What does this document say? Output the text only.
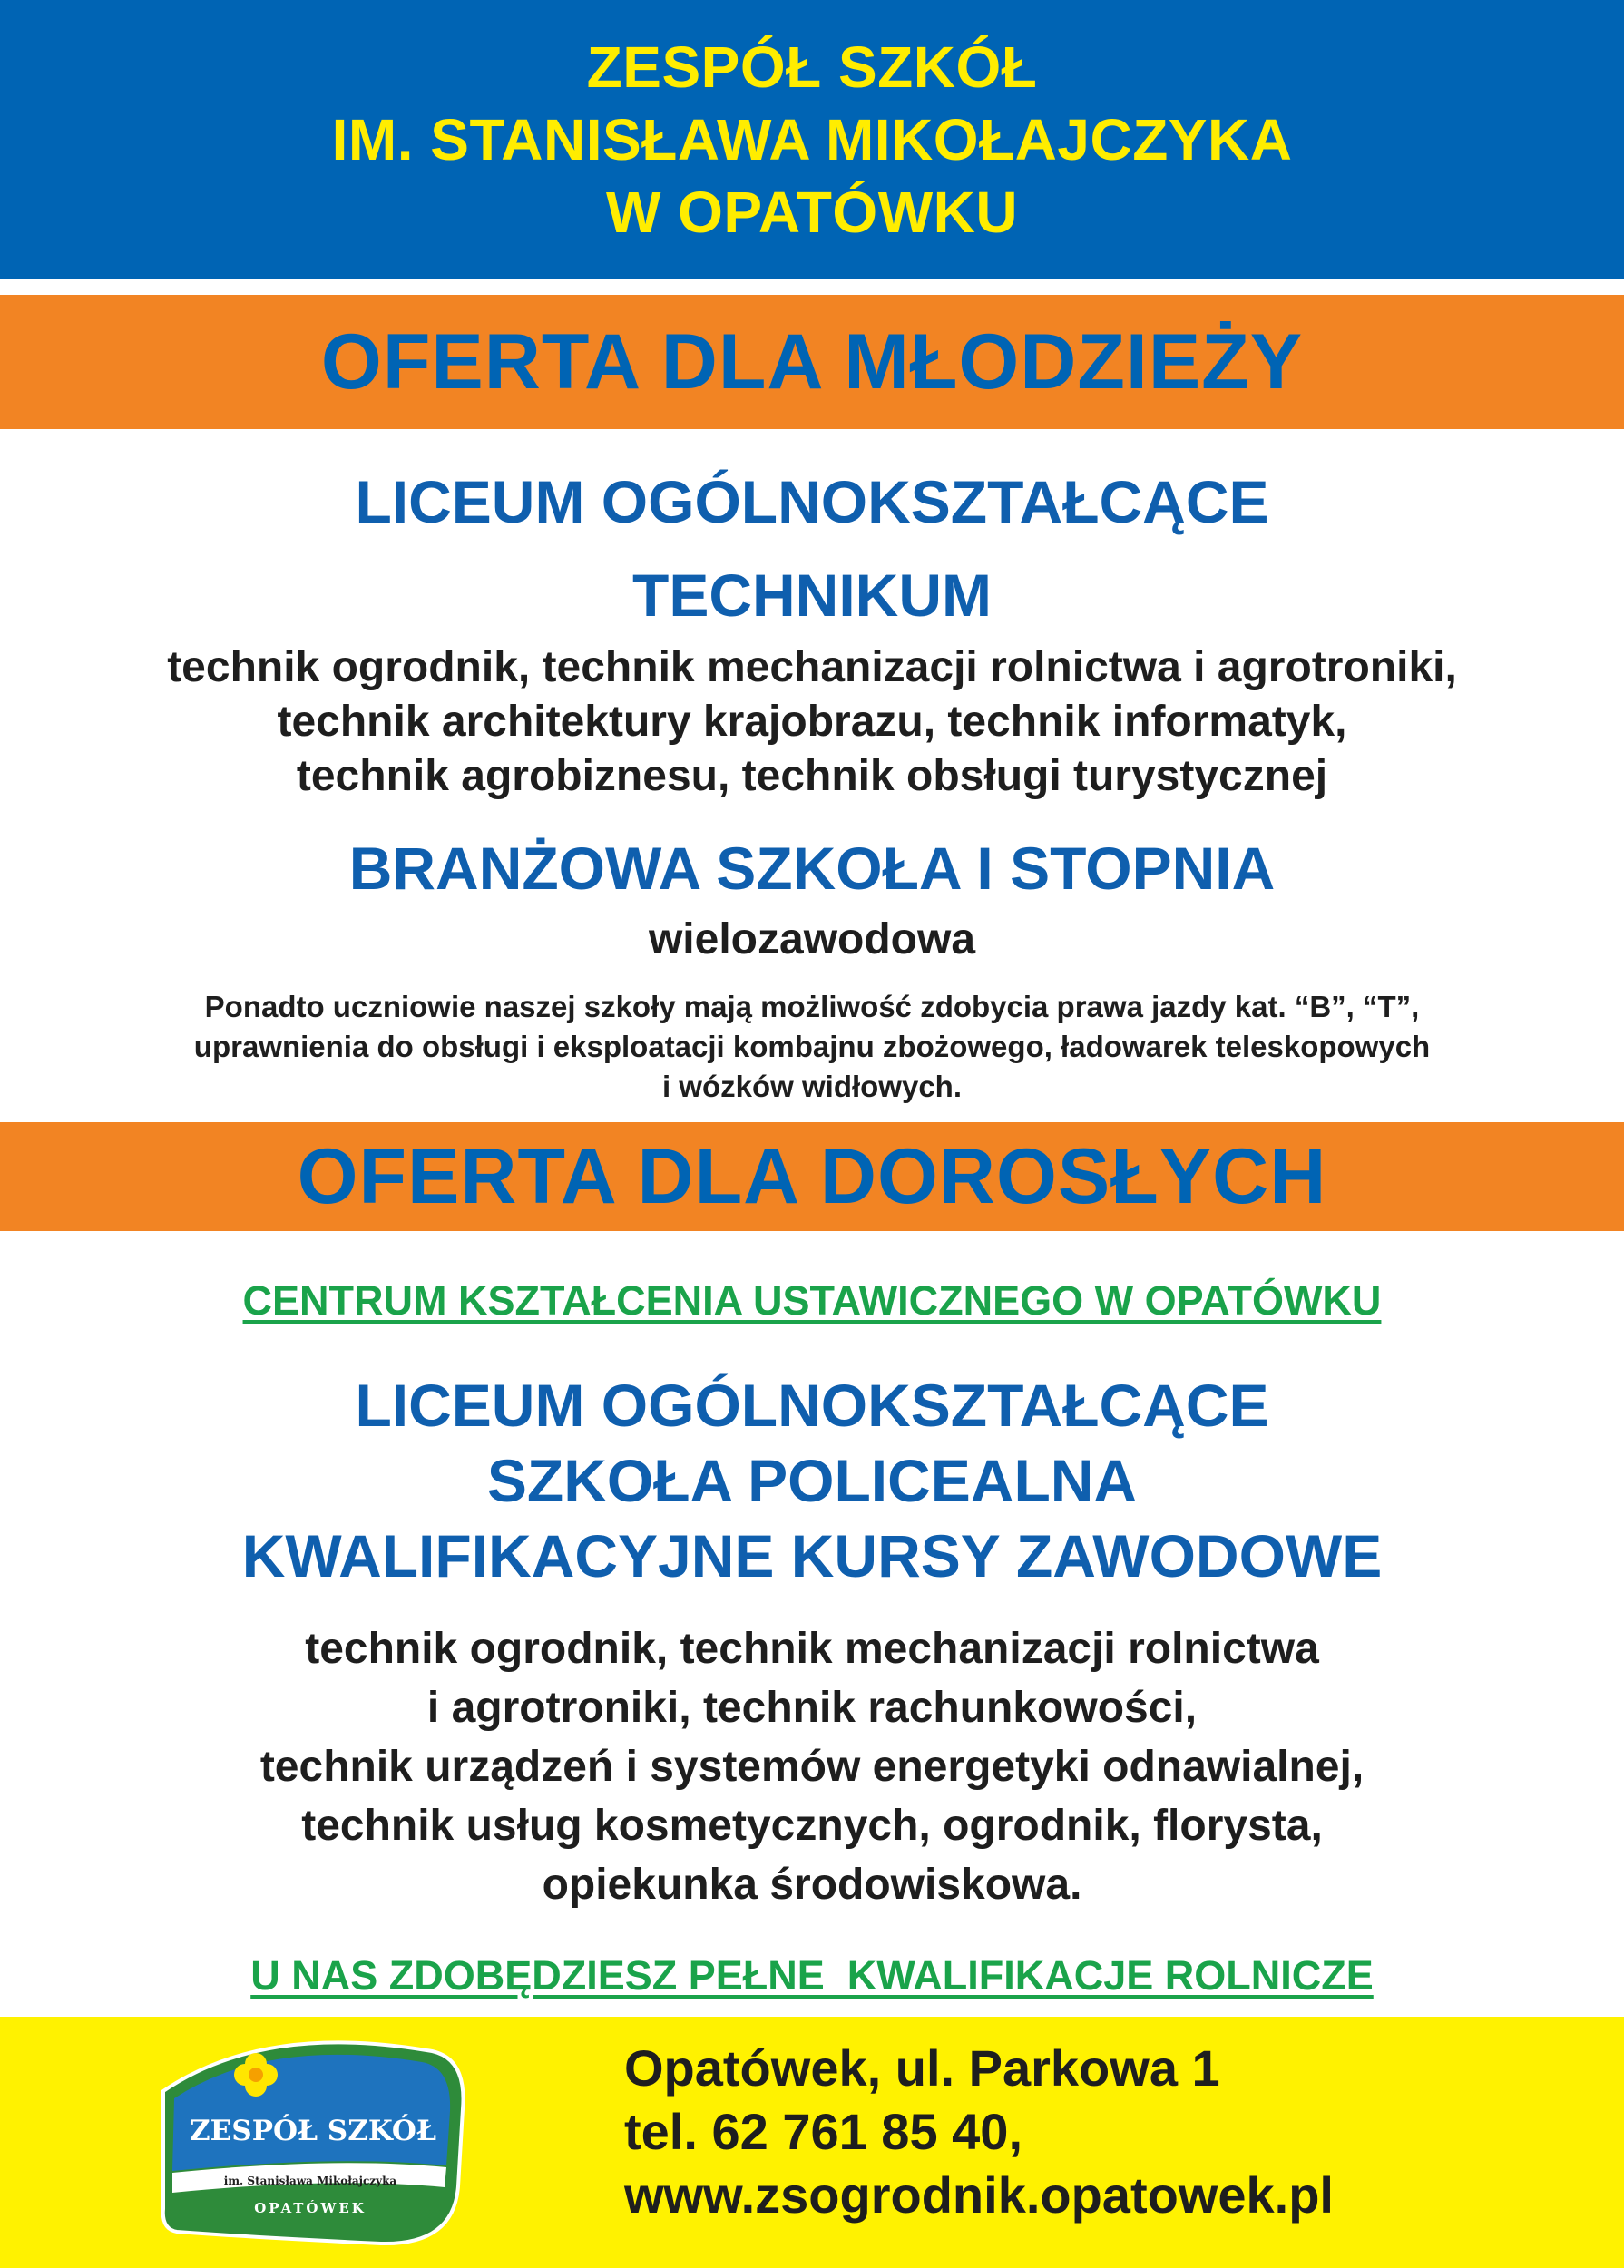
ZESPÓŁ SZKÓŁ
IM. STANISŁAWA MIKOŁAJCZYKA
W OPATÓWKU
OFERTA DLA MŁODZIEŻY
LICEUM OGÓLNOKSZTAŁCĄCE
TECHNIKUM
technik ogrodnik, technik mechanizacji rolnictwa i agrotroniki,
technik architektury krajobrazu, technik informatyk,
technik agrobiznesu, technik obsługi turystycznej
BRANŻOWA SZKOŁA I STOPNIA
wielozawodowa
Ponadto uczniowie naszej szkoły mają możliwość zdobycia prawa jazdy kat. “B”, “T”,
uprawnienia do obsługi i eksploatacji kombajnu zbożowego, ładowarek teleskopowych
i wózków widłowych.
OFERTA DLA DOROSŁYCH
CENTRUM KSZTAŁCENIA USTAWICZNEGO W OPATÓWKU
LICEUM OGÓLNOKSZTAŁCĄCE
SZKOŁA POLICEALNA
KWALIFIKACYJNE KURSY ZAWODOWE
technik ogrodnik, technik mechanizacji rolnictwa
i agrotroniki, technik rachunkowości,
technik urządzeń i systemów energetyki odnawialnej,
technik usług kosmetycznych, ogrodnik, florysta,
opiekunka środowiskowa.
U NAS ZDOBĘDZIESZ PEŁNE  KWALIFIKACJE ROLNICZE
ZESPÓŁ SZKÓŁ
im. Stanisława Mikołajczyka
OPATÓWEK
Opatówek, ul. Parkowa 1
tel. 62 761 85 40,
www.zsogrodnik.opatowek.pl
